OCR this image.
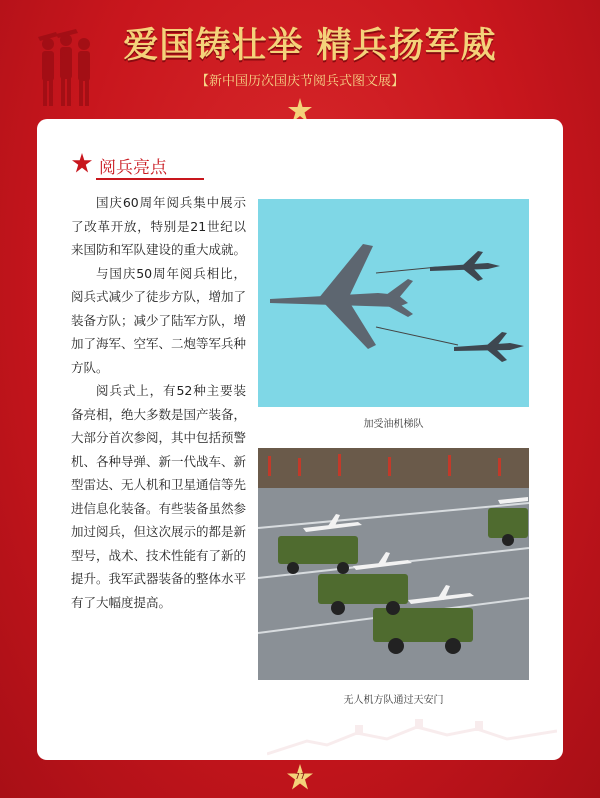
爱国铸壮举 精兵扬军威
【新中国历次国庆节阅兵式图文展】
阅兵亮点

国庆60周年阅兵集中展示了改革开放，特别是21世纪以来国防和军队建设的重大成就。

与国庆50周年阅兵相比，阅兵式减少了徒步方队，增加了装备方队；减少了陆军方队，增加了海军、空军、二炮等军兵种方队。

阅兵式上，有52种主要装备亮相，绝大多数是国产装备，大部分首次参阅，其中包括预警机、各种导弹、新一代战车、新型雷达、无人机和卫星通信等先进信息化装备。有些装备虽然参加过阅兵，但这次展示的都是新型号，战术、技术性能有了新的提升。我军武器装备的整体水平有了大幅度提高。

加受油机梯队
无人机方队通过天安门
77
